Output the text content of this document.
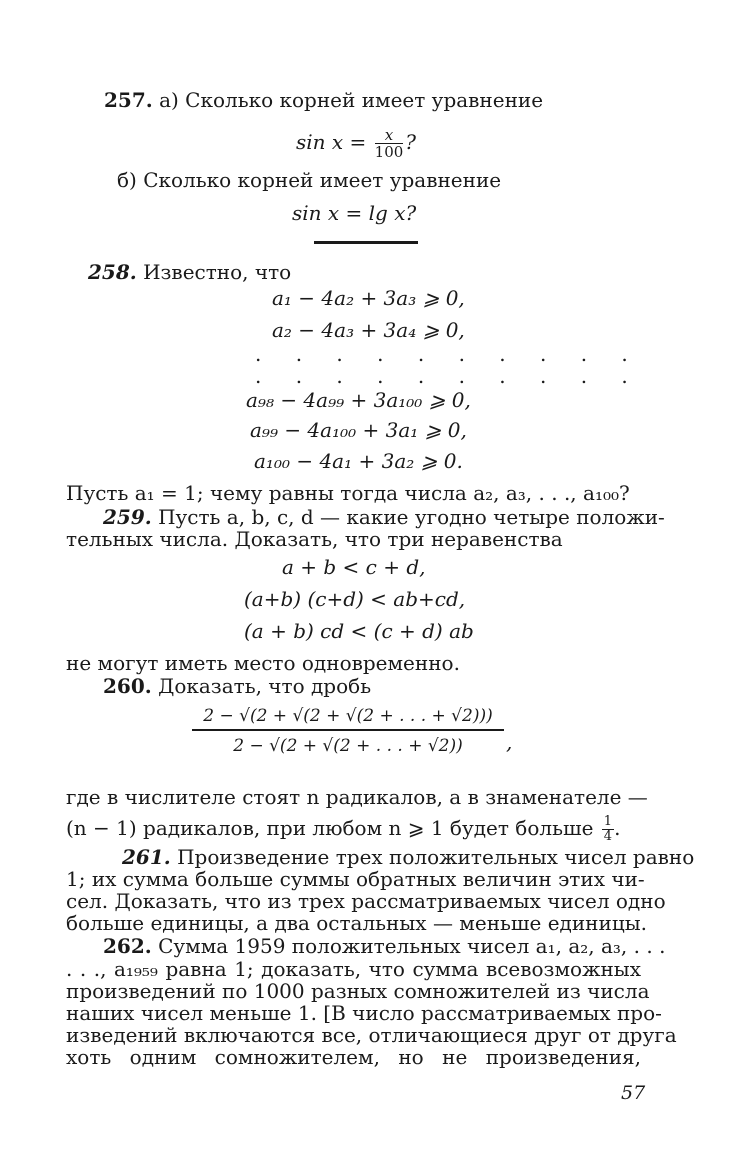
257. а) Сколько корней имеет уравнение
$\sin x = \frac{x}{100}$ ?
б) Сколько корней имеет уравнение
sin x = lg x?
258. Известно, что
a₁ − 4a₂ + 3a₃ ⩾ 0,
a₂ − 4a₃ + 3a₄ ⩾ 0,
. . . . . . . . . .
. . . . . . . . . .
a₉₈ − 4a₉₉ + 3a₁₀₀ ⩾ 0,
a₉₉ − 4a₁₀₀ + 3a₁ ⩾ 0,
a₁₀₀ − 4a₁ + 3a₂ ⩾ 0.
Пусть a₁ = 1; чему равны тогда числа a₂, a₃, . . ., a₁₀₀?
259. Пусть a, b, c, d — какие угодно четыре положи-
тельных числа. Доказать, что три неравенства
a + b < c + d,
(a+b) (c+d) < ab+cd,
(a + b) cd < (c + d) ab
не могут иметь место одновременно.
260. Доказать, что дробь
$\frac{2 - √(2 + √(2 + √(2 + . . . + √2)))}{2 - √(2 + √(2 + . . . + √2))}$ ,
где в числителе стоят n радикалов, а в знаменателе —
(n − 1) радикалов, при любом n ⩾ 1 будет больше $\frac{1}{4}$ .
261. Произведение трех положительных чисел равно
1; их сумма больше суммы обратных величин этих чи-
сел. Доказать, что из трех рассматриваемых чисел одно
больше единицы, а два остальных — меньше единицы.
262. Сумма 1959 положительных чисел a₁, a₂, a₃, . . .
. . ., a₁₉₅₉ равна 1; доказать, что сумма всевозможных
произведений по 1000 разных сомножителей из числа
наших чисел меньше 1. [В число рассматриваемых про-
изведений включаются все, отличающиеся друг от друга
хоть одним сомножителем, но не произведения,
57
